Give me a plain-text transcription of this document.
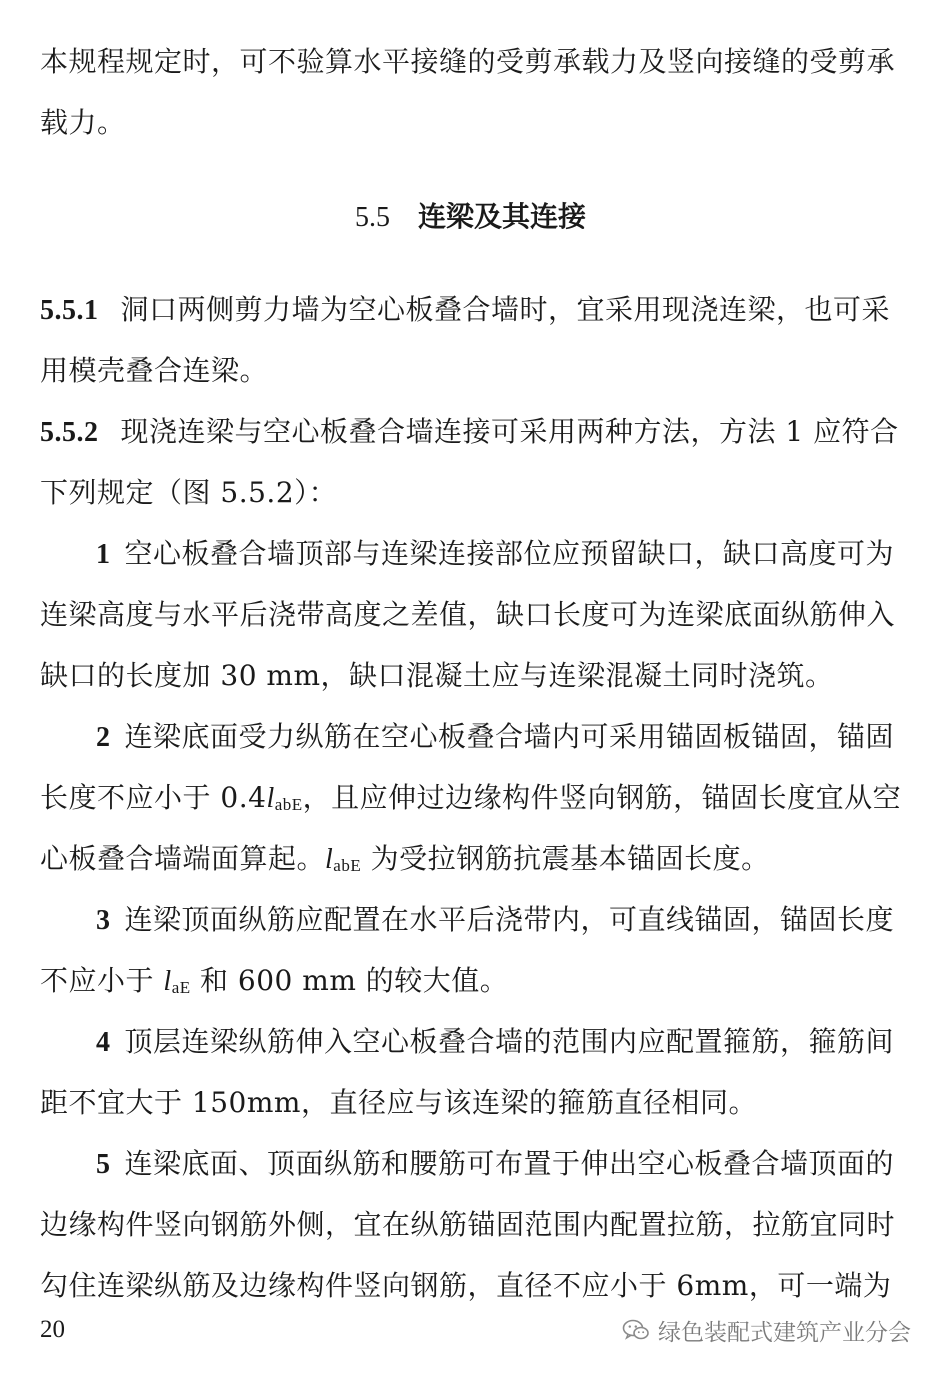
本规程规定时，可不验算水平接缝的受剪承载力及竖向接缝的受剪承
载力。
5.5 连梁及其连接
5.5.1 洞口两侧剪力墙为空心板叠合墙时，宜采用现浇连梁，也可采
用模壳叠合连梁。
5.5.2 现浇连梁与空心板叠合墙连接可采用两种方法，方法 1 应符合
下列规定（图 5.5.2）：
1 空心板叠合墙顶部与连梁连接部位应预留缺口，缺口高度可为
连梁高度与水平后浇带高度之差值，缺口长度可为连梁底面纵筋伸入
缺口的长度加 30 mm，缺口混凝土应与连梁混凝土同时浇筑。
2 连梁底面受力纵筋在空心板叠合墙内可采用锚固板锚固，锚固
长度不应小于 0.4labE，且应伸过边缘构件竖向钢筋，锚固长度宜从空
心板叠合墙端面算起。labE 为受拉钢筋抗震基本锚固长度。
3 连梁顶面纵筋应配置在水平后浇带内，可直线锚固，锚固长度
不应小于 laE 和 600 mm 的较大值。
4 顶层连梁纵筋伸入空心板叠合墙的范围内应配置箍筋，箍筋间
距不宜大于 150mm，直径应与该连梁的箍筋直径相同。
5 连梁底面、顶面纵筋和腰筋可布置于伸出空心板叠合墙顶面的
边缘构件竖向钢筋外侧，宜在纵筋锚固范围内配置拉筋，拉筋宜同时
勾住连梁纵筋及边缘构件竖向钢筋，直径不应小于 6mm，可一端为
20	绿色装配式建筑产业分会
